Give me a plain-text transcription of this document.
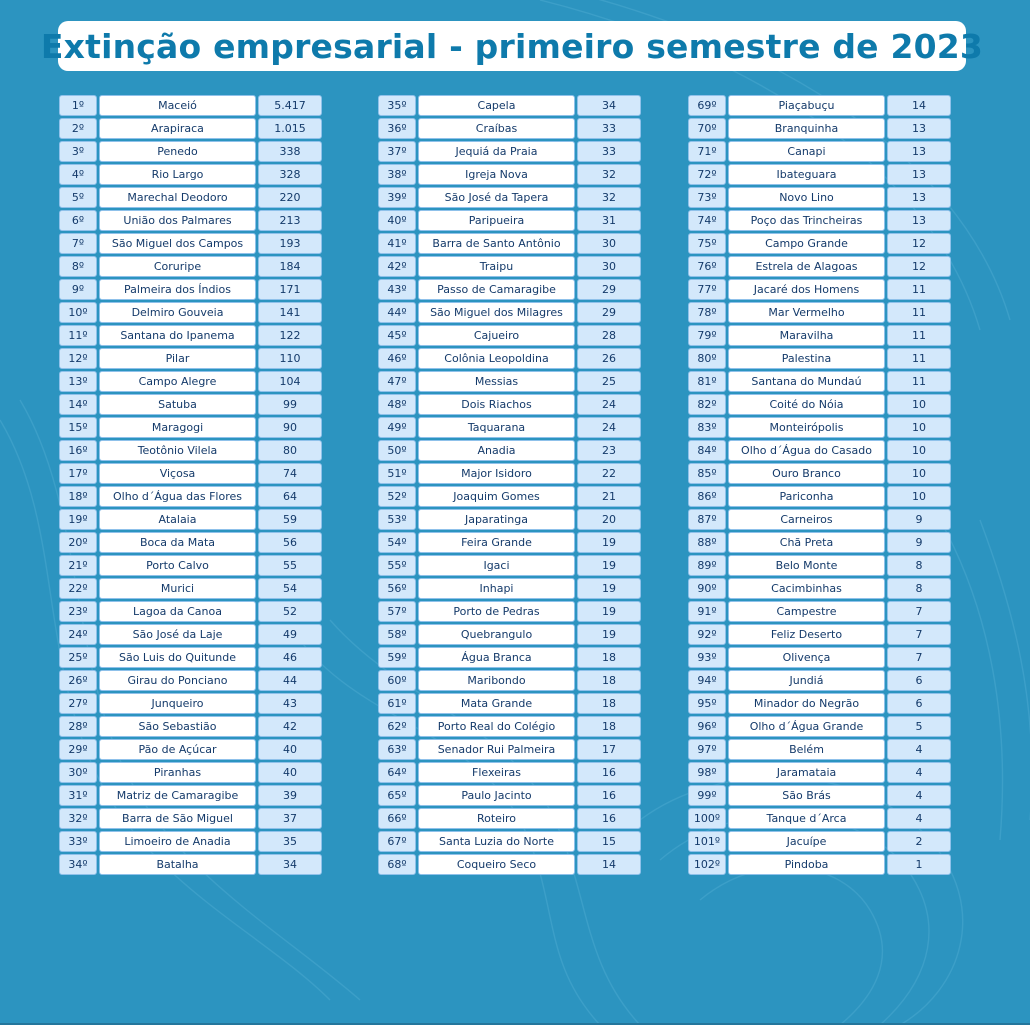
Extinção empresarial - primeiro semestre de 2023
1º	Maceió	5.417
2º	Arapiraca	1.015
3º	Penedo	338
4º	Rio Largo	328
5º	Marechal Deodoro	220
6º	União dos Palmares	213
7º	São Miguel dos Campos	193
8º	Coruripe	184
9º	Palmeira dos Índios	171
10º	Delmiro Gouveia	141
11º	Santana do Ipanema	122
12º	Pilar	110
13º	Campo Alegre	104
14º	Satuba	99
15º	Maragogi	90
16º	Teotônio Vilela	80
17º	Viçosa	74
18º	Olho d´Água das Flores	64
19º	Atalaia	59
20º	Boca da Mata	56
21º	Porto Calvo	55
22º	Murici	54
23º	Lagoa da Canoa	52
24º	São José da Laje	49
25º	São Luis do Quitunde	46
26º	Girau do Ponciano	44
27º	Junqueiro	43
28º	São Sebastião	42
29º	Pão de Açúcar	40
30º	Piranhas	40
31º	Matriz de Camaragibe	39
32º	Barra de São Miguel	37
33º	Limoeiro de Anadia	35
34º	Batalha	34
35º	Capela	34
36º	Craíbas	33
37º	Jequiá da Praia	33
38º	Igreja Nova	32
39º	São José da Tapera	32
40º	Paripueira	31
41º	Barra de Santo Antônio	30
42º	Traipu	30
43º	Passo de Camaragibe	29
44º	São Miguel dos Milagres	29
45º	Cajueiro	28
46º	Colônia Leopoldina	26
47º	Messias	25
48º	Dois Riachos	24
49º	Taquarana	24
50º	Anadia	23
51º	Major Isidoro	22
52º	Joaquim Gomes	21
53º	Japaratinga	20
54º	Feira Grande	19
55º	Igaci	19
56º	Inhapi	19
57º	Porto de Pedras	19
58º	Quebrangulo	19
59º	Água Branca	18
60º	Maribondo	18
61º	Mata Grande	18
62º	Porto Real do Colégio	18
63º	Senador Rui Palmeira	17
64º	Flexeiras	16
65º	Paulo Jacinto	16
66º	Roteiro	16
67º	Santa Luzia do Norte	15
68º	Coqueiro Seco	14
69º	Piaçabuçu	14
70º	Branquinha	13
71º	Canapi	13
72º	Ibateguara	13
73º	Novo Lino	13
74º	Poço das Trincheiras	13
75º	Campo Grande	12
76º	Estrela de Alagoas	12
77º	Jacaré dos Homens	11
78º	Mar Vermelho	11
79º	Maravilha	11
80º	Palestina	11
81º	Santana do Mundaú	11
82º	Coité do Nóia	10
83º	Monteirópolis	10
84º	Olho d´Água do Casado	10
85º	Ouro Branco	10
86º	Pariconha	10
87º	Carneiros	9
88º	Chã Preta	9
89º	Belo Monte	8
90º	Cacimbinhas	8
91º	Campestre	7
92º	Feliz Deserto	7
93º	Olivença	7
94º	Jundiá	6
95º	Minador do Negrão	6
96º	Olho d´Água Grande	5
97º	Belém	4
98º	Jaramataia	4
99º	São Brás	4
100º	Tanque d´Arca	4
101º	Jacuípe	2
102º	Pindoba	1
